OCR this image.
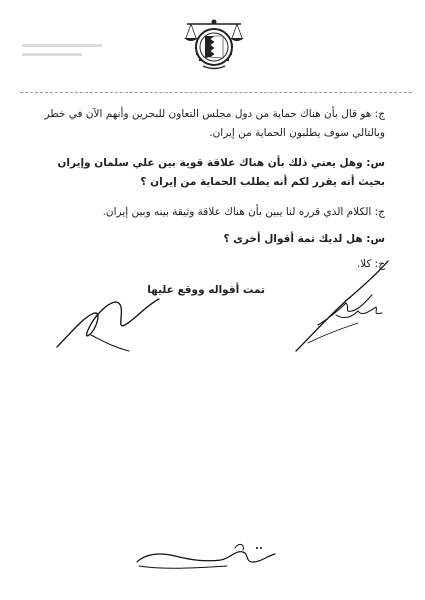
ج: هو قال بأن هناك حماية من دول مجلس التعاون للبحرين وأنهم الآن في خطر وبالتالي سوف يطلبون الحماية من إيران.
س: وهل يعني ذلك بأن هناك علاقة قوية بين علي سلمان وإيران بحيث أنه يقرر لكم أنه يطلب الحماية من إيران ؟
ج: الكلام الذي قرره لنا يبين بأن هناك علاقة وثيقة بينه وبين إيران.
س: هل لديك ثمة أقوال أخرى ؟
ج: كلا.
تمت أقواله ووقع عليها
